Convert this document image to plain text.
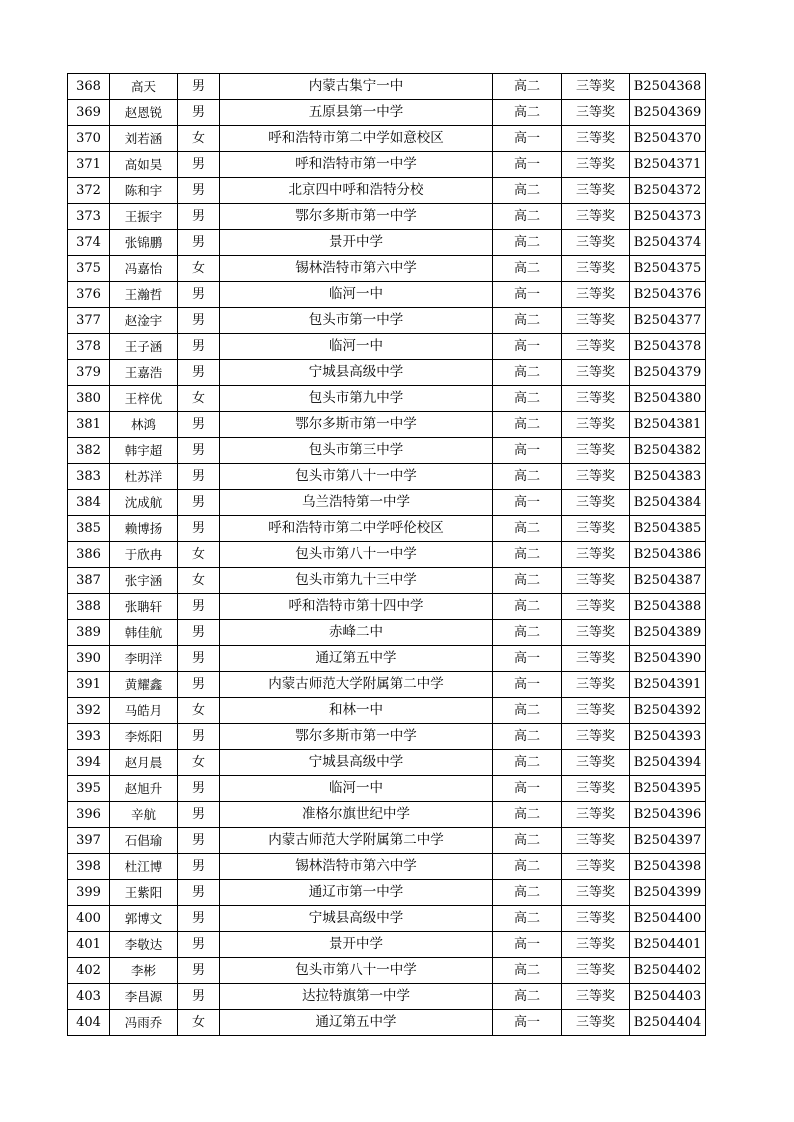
368	高天	男	内蒙古集宁一中	高二	三等奖	B2504368
369	赵恩锐	男	五原县第一中学	高二	三等奖	B2504369
370	刘若涵	女	呼和浩特市第二中学如意校区	高一	三等奖	B2504370
371	高如昊	男	呼和浩特市第一中学	高一	三等奖	B2504371
372	陈和宇	男	北京四中呼和浩特分校	高二	三等奖	B2504372
373	王振宇	男	鄂尔多斯市第一中学	高二	三等奖	B2504373
374	张锦鹏	男	景开中学	高二	三等奖	B2504374
375	冯嘉怡	女	锡林浩特市第六中学	高二	三等奖	B2504375
376	王瀚哲	男	临河一中	高一	三等奖	B2504376
377	赵淦宇	男	包头市第一中学	高二	三等奖	B2504377
378	王子涵	男	临河一中	高一	三等奖	B2504378
379	王嘉浩	男	宁城县高级中学	高二	三等奖	B2504379
380	王梓优	女	包头市第九中学	高二	三等奖	B2504380
381	林鸿	男	鄂尔多斯市第一中学	高二	三等奖	B2504381
382	韩宇超	男	包头市第三中学	高一	三等奖	B2504382
383	杜苏洋	男	包头市第八十一中学	高二	三等奖	B2504383
384	沈成航	男	乌兰浩特第一中学	高一	三等奖	B2504384
385	赖博扬	男	呼和浩特市第二中学呼伦校区	高二	三等奖	B2504385
386	于欣冉	女	包头市第八十一中学	高二	三等奖	B2504386
387	张宇涵	女	包头市第九十三中学	高二	三等奖	B2504387
388	张聃轩	男	呼和浩特市第十四中学	高二	三等奖	B2504388
389	韩佳航	男	赤峰二中	高二	三等奖	B2504389
390	李明洋	男	通辽第五中学	高一	三等奖	B2504390
391	黄耀鑫	男	内蒙古师范大学附属第二中学	高一	三等奖	B2504391
392	马皓月	女	和林一中	高二	三等奖	B2504392
393	李烁阳	男	鄂尔多斯市第一中学	高二	三等奖	B2504393
394	赵月晨	女	宁城县高级中学	高二	三等奖	B2504394
395	赵旭升	男	临河一中	高一	三等奖	B2504395
396	辛航	男	准格尔旗世纪中学	高二	三等奖	B2504396
397	石倡瑜	男	内蒙古师范大学附属第二中学	高二	三等奖	B2504397
398	杜江博	男	锡林浩特市第六中学	高二	三等奖	B2504398
399	王紫阳	男	通辽市第一中学	高二	三等奖	B2504399
400	郭博文	男	宁城县高级中学	高二	三等奖	B2504400
401	李敬达	男	景开中学	高一	三等奖	B2504401
402	李彬	男	包头市第八十一中学	高二	三等奖	B2504402
403	李昌源	男	达拉特旗第一中学	高二	三等奖	B2504403
404	冯雨乔	女	通辽第五中学	高一	三等奖	B2504404
